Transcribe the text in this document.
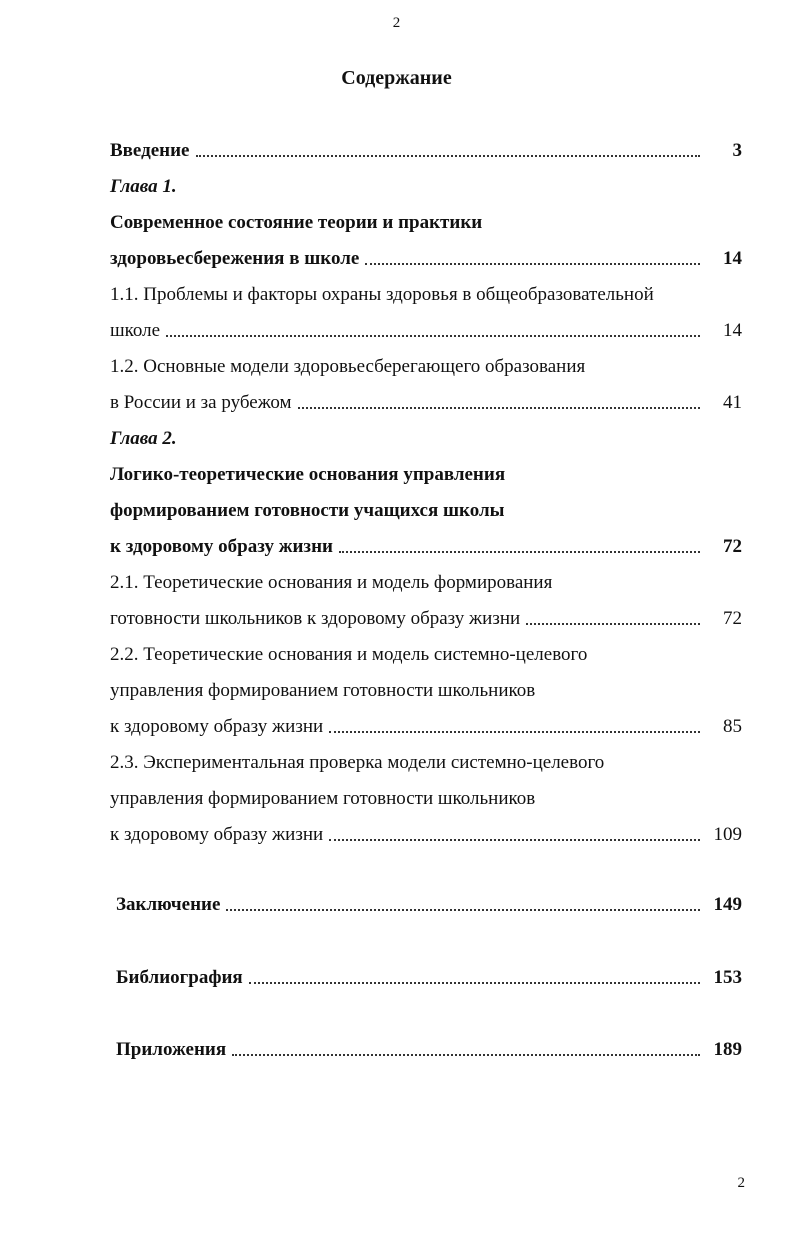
2
Содержание
Введение	3
Глава 1.
Современное состояние теории и практики
здоровьесбережения в школе	14
1.1. Проблемы и факторы охраны здоровья в общеобразовательной
школе	14
1.2. Основные модели здоровьесберегающего образования
в России и за рубежом	41
Глава 2.
Логико-теоретические основания управления
формированием готовности учащихся школы
к здоровому образу жизни	72
2.1. Теоретические основания и модель формирования
готовности школьников к здоровому образу жизни	72
2.2. Теоретические основания и модель системно-целевого
управления формированием готовности школьников
к здоровому образу жизни	85
2.3. Экспериментальная проверка модели системно-целевого
управления формированием готовности школьников
к здоровому образу жизни	109
Заключение	149
Библиография	153
Приложения	189
2
